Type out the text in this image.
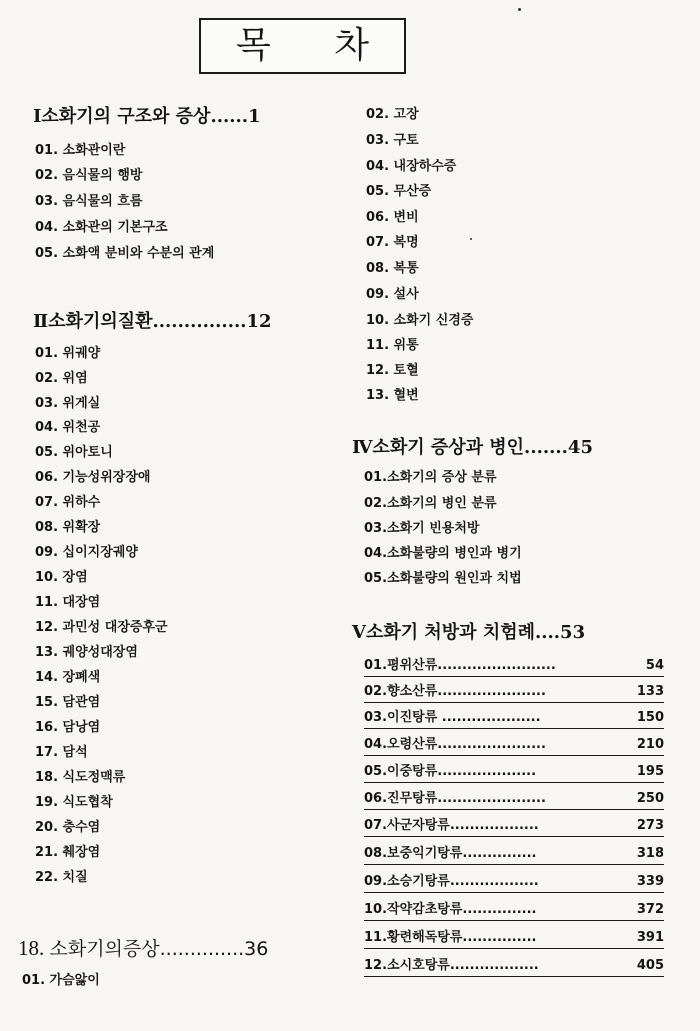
목 차
Ⅰ소화기의 구조와 증상......1
01. 소화관이란
02. 음식물의 행방
03. 음식물의 흐름
04. 소화관의 기본구조
05. 소화액 분비와 수분의 관계
Ⅱ소화기의질환...............12
01. 위궤양
02. 위염
03. 위게실
04. 위천공
05. 위아토니
06. 기능성위장장애
07. 위하수
08. 위확장
09. 십이지장궤양
10. 장염
11. 대장염
12. 과민성 대장증후군
13. 궤양성대장염
14. 장폐색
15. 담관염
16. 담낭염
17. 담석
18. 식도정맥류
19. 식도협착
20. 충수염
21. 췌장염
22. 치질
18. 소화기의증상..............36
01. 가슴앓이
02. 고장
03. 구토
04. 내장하수증
05. 무산증
06. 변비
07. 복명
08. 복통
09. 설사
10. 소화기 신경증
11. 위통
12. 토혈
13. 혈변
Ⅳ소화기 증상과 병인.......45
01.소화기의 증상 분류
02.소화기의 병인 분류
03.소화기 빈용처방
04.소화불량의 병인과 병기
05.소화불량의 원인과 치법
Ⅴ소화기 처방과 치험례....53
01.평위산류........................	54
02.향소산류......................	133
03.이진탕류 ....................	150
04.오령산류......................	210
05.이중탕류....................	195
06.진무탕류......................	250
07.사군자탕류..................	273
08.보중익기탕류...............	318
09.소승기탕류..................	339
10.작약감초탕류...............	372
11.황련해독탕류...............	391
12.소시호탕류..................	405
